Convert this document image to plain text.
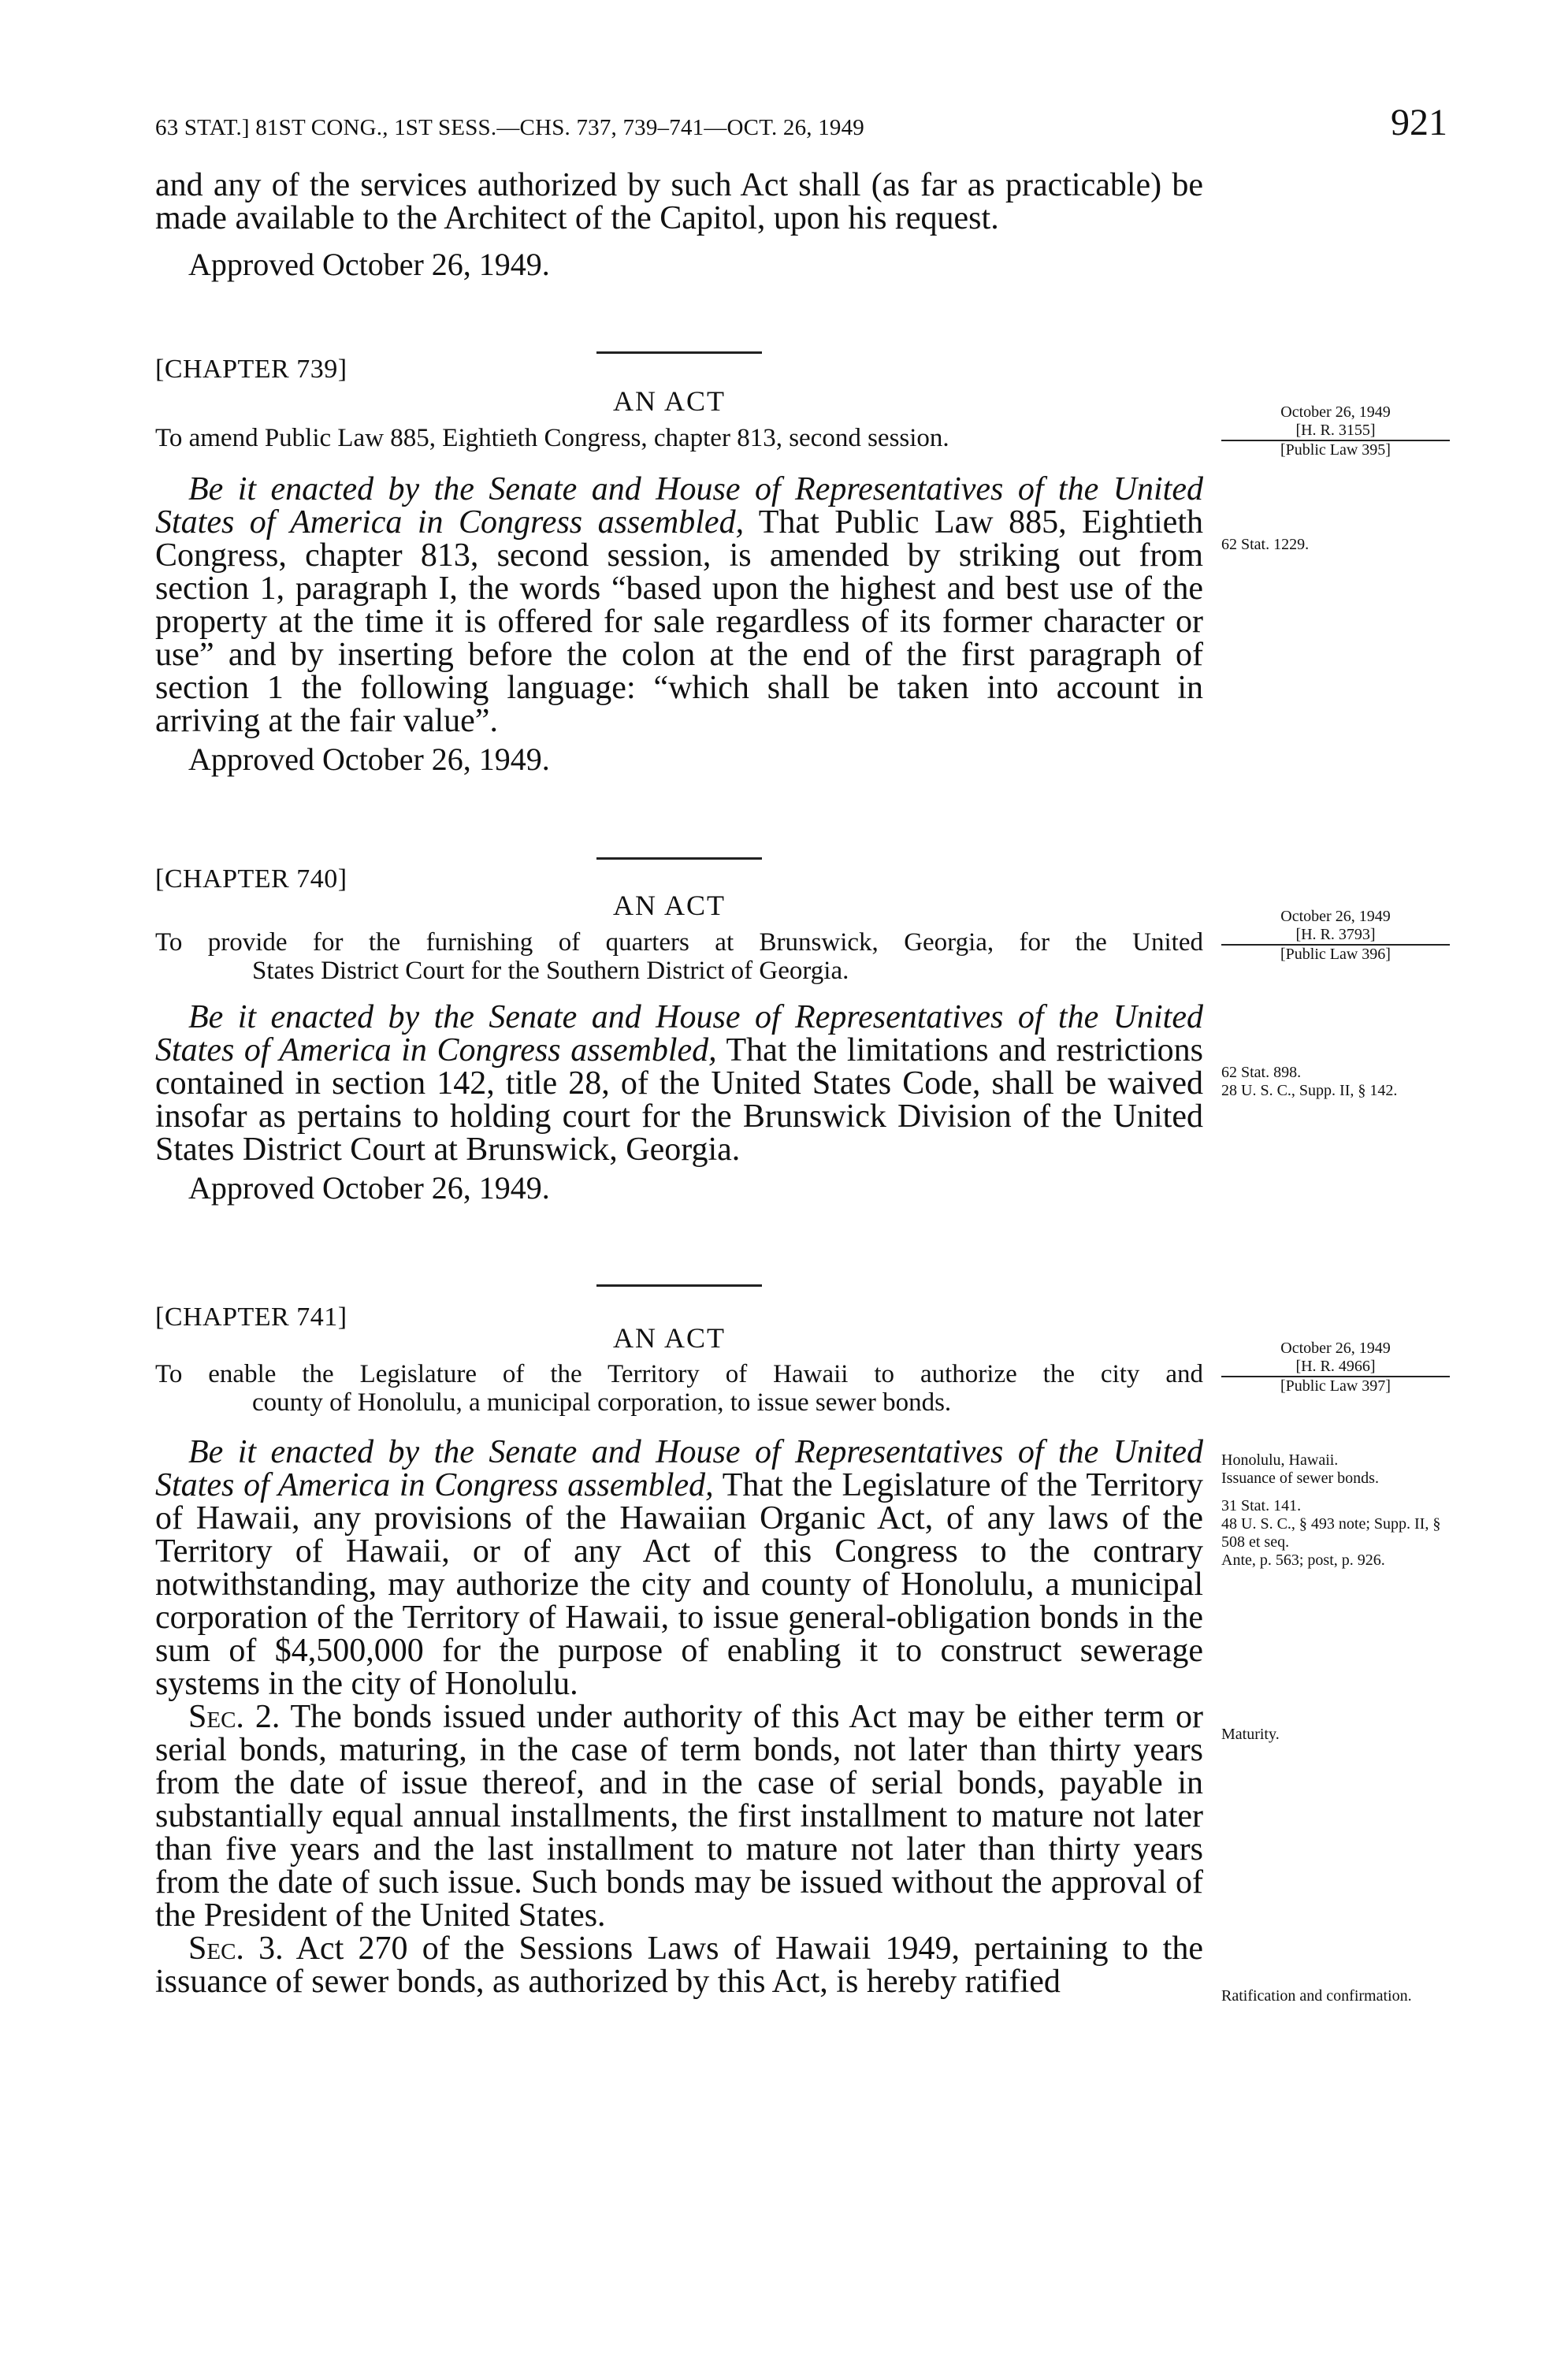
63 STAT.] 81ST CONG., 1ST SESS.—CHS. 737, 739–741—OCT. 26, 1949	921

and any of the services authorized by such Act shall (as far as practicable) be made available to the Architect of the Capitol, upon his request.

Approved October 26, 1949.

[CHAPTER 739]
AN ACT
To amend Public Law 885, Eightieth Congress, chapter 813, second session.

Be it enacted by the Senate and House of Representatives of the United States of America in Congress assembled, That Public Law 885, Eightieth Congress, chapter 813, second session, is amended by striking out from section 1, paragraph I, the words “based upon the highest and best use of the property at the time it is offered for sale regardless of its former character or use” and by inserting before the colon at the end of the first paragraph of section 1 the following language: “which shall be taken into account in arriving at the fair value”.

Approved October 26, 1949.

October 26, 1949
[H. R. 3155]
[Public Law 395]
62 Stat. 1229.
[CHAPTER 740]
AN ACT
To provide for the furnishing of quarters at Brunswick, Georgia, for the United
States District Court for the Southern District of Georgia.

Be it enacted by the Senate and House of Representatives of the United States of America in Congress assembled, That the limitations and restrictions contained in section 142, title 28, of the United States Code, shall be waived insofar as pertains to holding court for the Brunswick Division of the United States District Court at Brunswick, Georgia.

Approved October 26, 1949.

October 26, 1949
[H. R. 3793]
[Public Law 396]
62 Stat. 898.
28 U. S. C., Supp. II, § 142.
[CHAPTER 741]
AN ACT
To enable the Legislature of the Territory of Hawaii to authorize the city and
county of Honolulu, a municipal corporation, to issue sewer bonds.

Be it enacted by the Senate and House of Representatives of the United States of America in Congress assembled, That the Legislature of the Territory of Hawaii, any provisions of the Hawaiian Organic Act, of any laws of the Territory of Hawaii, or of any Act of this Congress to the contrary notwithstanding, may authorize the city and county of Honolulu, a municipal corporation of the Territory of Hawaii, to issue general-obligation bonds in the sum of $4,500,000 for the purpose of enabling it to construct sewerage systems in the city of Honolulu.

Sec. 2. The bonds issued under authority of this Act may be either term or serial bonds, maturing, in the case of term bonds, not later than thirty years from the date of issue thereof, and in the case of serial bonds, payable in substantially equal annual installments, the first installment to mature not later than five years and the last installment to mature not later than thirty years from the date of such issue. Such bonds may be issued without the approval of the President of the United States.

Sec. 3. Act 270 of the Sessions Laws of Hawaii 1949, pertaining to the issuance of sewer bonds, as authorized by this Act, is hereby ratified

October 26, 1949
[H. R. 4966]
[Public Law 397]
Honolulu, Hawaii.
Issuance of sewer bonds.
31 Stat. 141.
48 U. S. C., § 493 note; Supp. II, § 508 et seq.
Ante, p. 563; post, p. 926.
Maturity.
Ratification and confirmation.
